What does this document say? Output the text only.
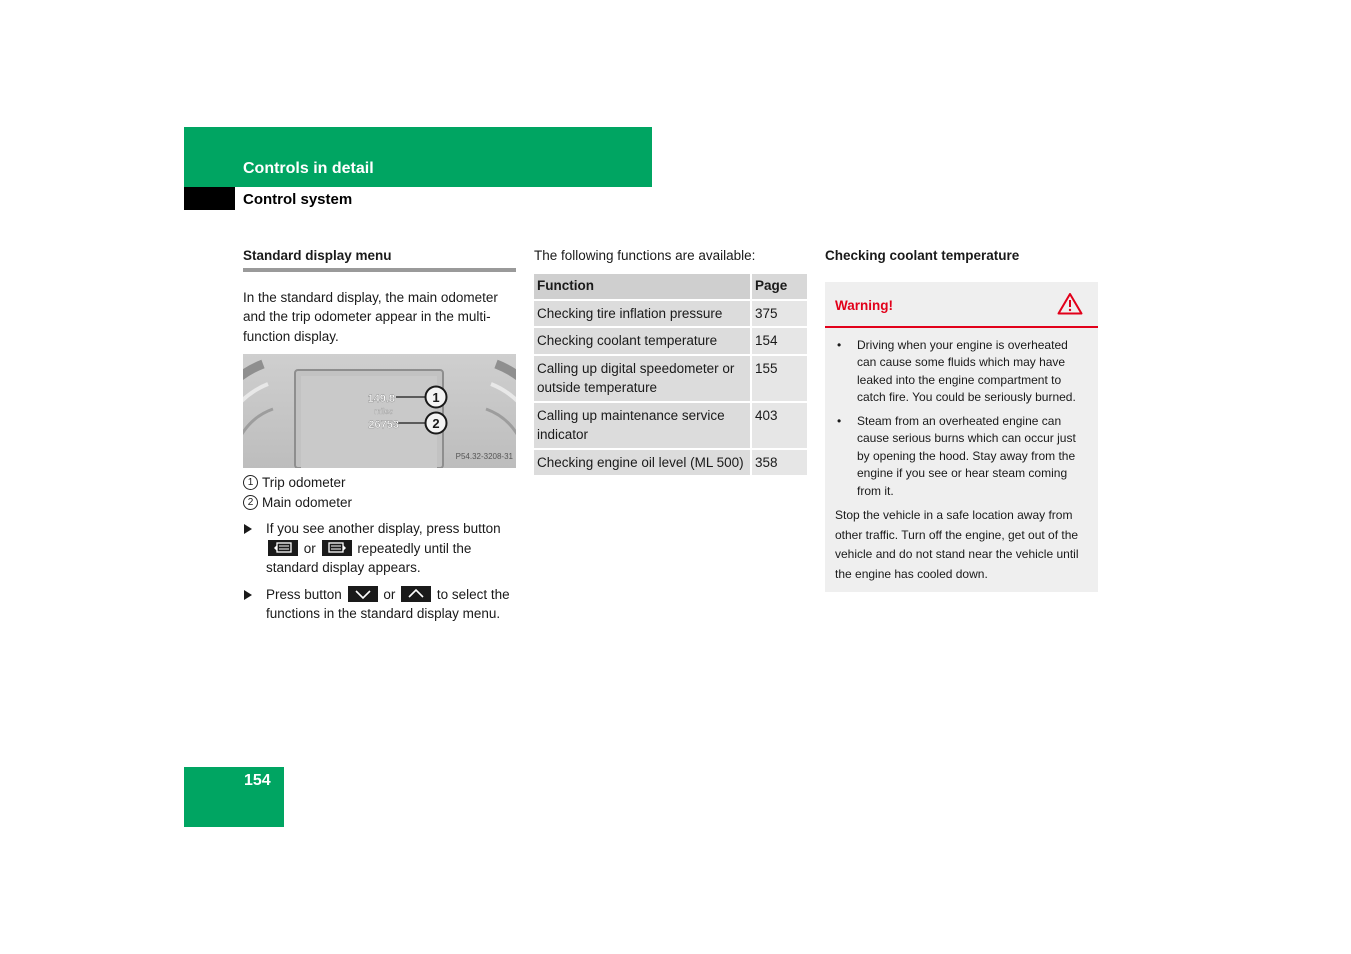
Controls in detail
Control system
Standard display menu
In the standard display, the main odometer and the trip odometer appear in the multi-function display.
1
2
149.8
miles
26753
P54.32-3208-31
1 Trip odometer
2 Main odometer
If you see another display, press button
or	repeatedly until the standard display appears.
Press button	or	to select the functions in the standard display menu.
The following functions are available:
Function	Page
Checking tire inflation pressure	375
Checking coolant temperature	154
Calling up digital speedometer or outside temperature	155
Calling up maintenance service indicator	403
Checking engine oil level (ML 500)	358
Checking coolant temperature
Warning!
• Driving when your engine is overheated can cause some fluids which may have leaked into the engine compartment to catch fire. You could be seriously burned.
• Steam from an overheated engine can cause serious burns which can occur just by opening the hood. Stay away from the engine if you see or hear steam coming from it.
Stop the vehicle in a safe location away from other traffic. Turn off the engine, get out of the vehicle and do not stand near the vehicle until the engine has cooled down.
154
